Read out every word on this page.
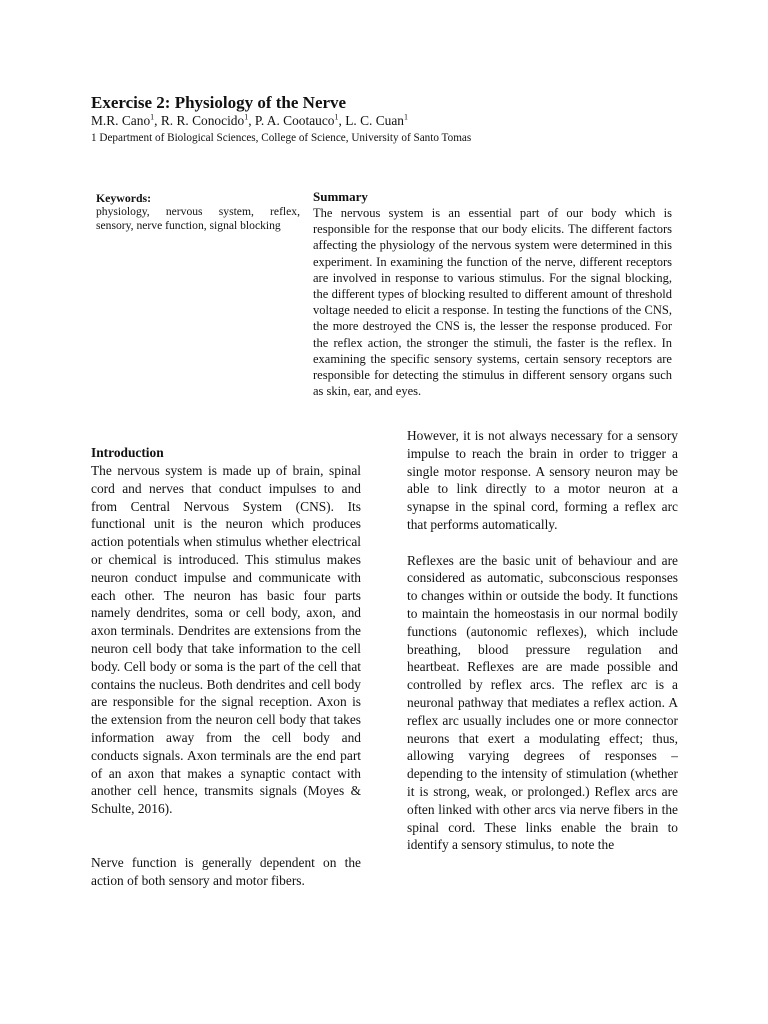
Exercise 2: Physiology of the Nerve
M.R. Cano$^1$, R. R. Conocido$^1$, P. A. Cootauco$^1$, L. C. Cuan$^1$
1 Department of Biological Sciences, College of Science, University of Santo Tomas
Keywords:
physiology, nervous system, reflex, sensory, nerve function, signal blocking
Summary

The nervous system is an essential part of our body which is responsible for the response that our body elicits. The different factors affecting the physiology of the nervous system were determined in this experiment. In examining the function of the nerve, different receptors are involved in response to various stimulus. For the signal blocking, the different types of blocking resulted to different amount of threshold voltage needed to elicit a response. In testing the functions of the CNS, the more destroyed the CNS is, the lesser the response produced. For the reflex action, the stronger the stimuli, the faster is the reflex. In examining the specific sensory systems, certain sensory receptors are responsible for detecting the stimulus in different sensory organs such as skin, ear, and eyes.

Introduction

The nervous system is made up of brain, spinal cord and nerves that conduct impulses to and from Central Nervous System (CNS). Its functional unit is the neuron which produces action potentials when stimulus whether electrical or chemical is introduced. This stimulus makes neuron conduct impulse and communicate with each other. The neuron has basic four parts namely dendrites, soma or cell body, axon, and axon terminals. Dendrites are extensions from the neuron cell body that take information to the cell body. Cell body or soma is the part of the cell that contains the nucleus. Both dendrites and cell body are responsible for the signal reception. Axon is the extension from the neuron cell body that takes information away from the cell body and conducts signals. Axon terminals are the end part of an axon that makes a synaptic contact with another cell hence, transmits signals (Moyes & Schulte, 2016).

Nerve function is generally dependent on the action of both sensory and motor fibers.

However, it is not always necessary for a sensory impulse to reach the brain in order to trigger a single motor response. A sensory neuron may be able to link directly to a motor neuron at a synapse in the spinal cord, forming a reflex arc that performs automatically.

Reflexes are the basic unit of behaviour and are considered as automatic, subconscious responses to changes within or outside the body. It functions to maintain the homeostasis in our normal bodily functions (autonomic reflexes), which include breathing, blood pressure regulation and heartbeat. Reflexes are are made possible and controlled by reflex arcs. The reflex arc is a neuronal pathway that mediates a reflex action. A reflex arc usually includes one or more connector neurons that exert a modulating effect; thus, allowing varying degrees of responses – depending to the intensity of stimulation (whether it is strong, weak, or prolonged.) Reflex arcs are often linked with other arcs via nerve fibers in the spinal cord. These links enable the brain to identify a sensory stimulus, to note the
